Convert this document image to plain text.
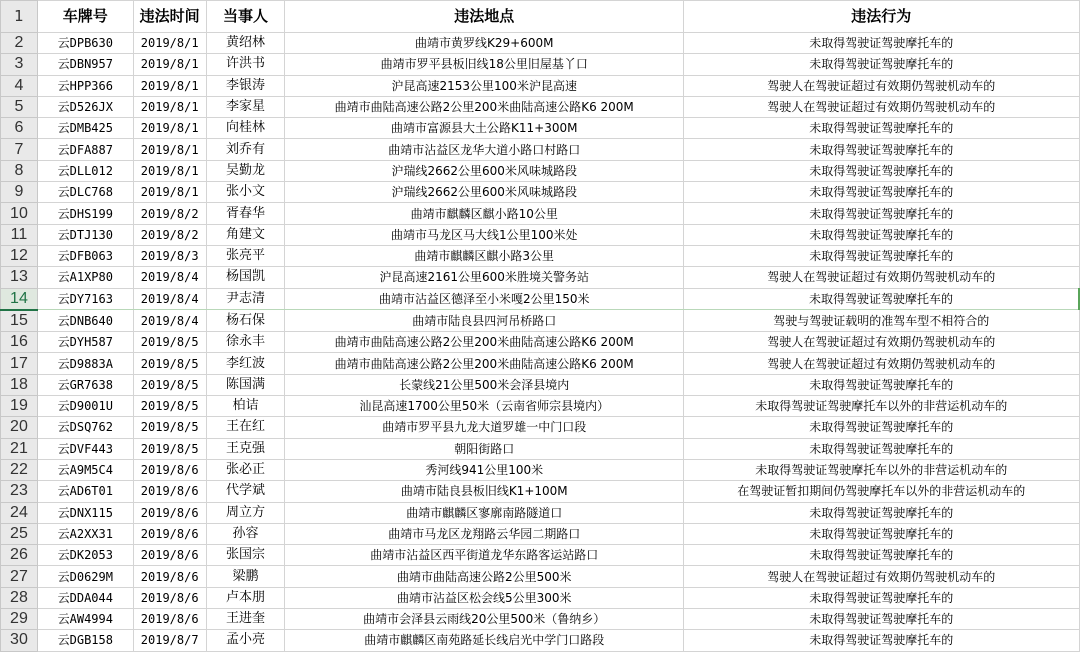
1	车牌号	违法时间	当事人	违法地点	违法行为
2	云DPB630	2019/8/1	黄绍林	曲靖市黄罗线K29+600M	未取得驾驶证驾驶摩托车的
3	云DBN957	2019/8/1	许洪书	曲靖市罗平县板旧线18公里旧屋基丫口	未取得驾驶证驾驶摩托车的
4	云HPP366	2019/8/1	李银涛	沪昆高速2153公里100米沪昆高速	驾驶人在驾驶证超过有效期仍驾驶机动车的
5	云D526JX	2019/8/1	李家星	曲靖市曲陆高速公路2公里200米曲陆高速公路K6 200M	驾驶人在驾驶证超过有效期仍驾驶机动车的
6	云DMB425	2019/8/1	向桂林	曲靖市富源县大土公路K11+300M	未取得驾驶证驾驶摩托车的
7	云DFA887	2019/8/1	刘乔有	曲靖市沾益区龙华大道小路口村路口	未取得驾驶证驾驶摩托车的
8	云DLL012	2019/8/1	吴勤龙	沪瑞线2662公里600米风味城路段	未取得驾驶证驾驶摩托车的
9	云DLC768	2019/8/1	张小文	沪瑞线2662公里600米风味城路段	未取得驾驶证驾驶摩托车的
10	云DHS199	2019/8/2	胥春华	曲靖市麒麟区麒小路10公里	未取得驾驶证驾驶摩托车的
11	云DTJ130	2019/8/2	角建文	曲靖市马龙区马大线1公里100米处	未取得驾驶证驾驶摩托车的
12	云DFB063	2019/8/3	张亮平	曲靖市麒麟区麒小路3公里	未取得驾驶证驾驶摩托车的
13	云A1XP80	2019/8/4	杨国凯	沪昆高速2161公里600米胜境关警务站	驾驶人在驾驶证超过有效期仍驾驶机动车的
14	云DY7163	2019/8/4	尹志清	曲靖市沾益区德泽至小米嘎2公里150米	未取得驾驶证驾驶摩托车的
15	云DNB640	2019/8/4	杨石保	曲靖市陆良县四河吊桥路口	驾驶与驾驶证载明的准驾车型不相符合的
16	云DYH587	2019/8/5	徐永丰	曲靖市曲陆高速公路2公里200米曲陆高速公路K6 200M	驾驶人在驾驶证超过有效期仍驾驶机动车的
17	云D9883A	2019/8/5	李红波	曲靖市曲陆高速公路2公里200米曲陆高速公路K6 200M	驾驶人在驾驶证超过有效期仍驾驶机动车的
18	云GR7638	2019/8/5	陈国满	长蒙线21公里500米会泽县境内	未取得驾驶证驾驶摩托车的
19	云D9001U	2019/8/5	柏诘	汕昆高速1700公里50米（云南省师宗县境内）	未取得驾驶证驾驶摩托车以外的非营运机动车的
20	云DSQ762	2019/8/5	王在红	曲靖市罗平县九龙大道罗雄一中门口段	未取得驾驶证驾驶摩托车的
21	云DVF443	2019/8/5	王克强	朝阳街路口	未取得驾驶证驾驶摩托车的
22	云A9M5C4	2019/8/6	张必正	秀河线941公里100米	未取得驾驶证驾驶摩托车以外的非营运机动车的
23	云AD6T01	2019/8/6	代学斌	曲靖市陆良县板旧线K1+100M	在驾驶证暂扣期间仍驾驶摩托车以外的非营运机动车的
24	云DNX115	2019/8/6	周立方	曲靖市麒麟区寥廓南路隧道口	未取得驾驶证驾驶摩托车的
25	云A2XX31	2019/8/6	孙容	曲靖市马龙区龙翔路云华园二期路口	未取得驾驶证驾驶摩托车的
26	云DK2053	2019/8/6	张国宗	曲靖市沾益区西平街道龙华东路客运站路口	未取得驾驶证驾驶摩托车的
27	云D0629M	2019/8/6	梁鹏	曲靖市曲陆高速公路2公里500米	驾驶人在驾驶证超过有效期仍驾驶机动车的
28	云DDA044	2019/8/6	卢本朋	曲靖市沾益区松会线5公里300米	未取得驾驶证驾驶摩托车的
29	云AW4994	2019/8/6	王进奎	曲靖市会泽县云雨线20公里500米（鲁纳乡）	未取得驾驶证驾驶摩托车的
30	云DGB158	2019/8/7	孟小亮	曲靖市麒麟区南苑路延长线启光中学门口路段	未取得驾驶证驾驶摩托车的
